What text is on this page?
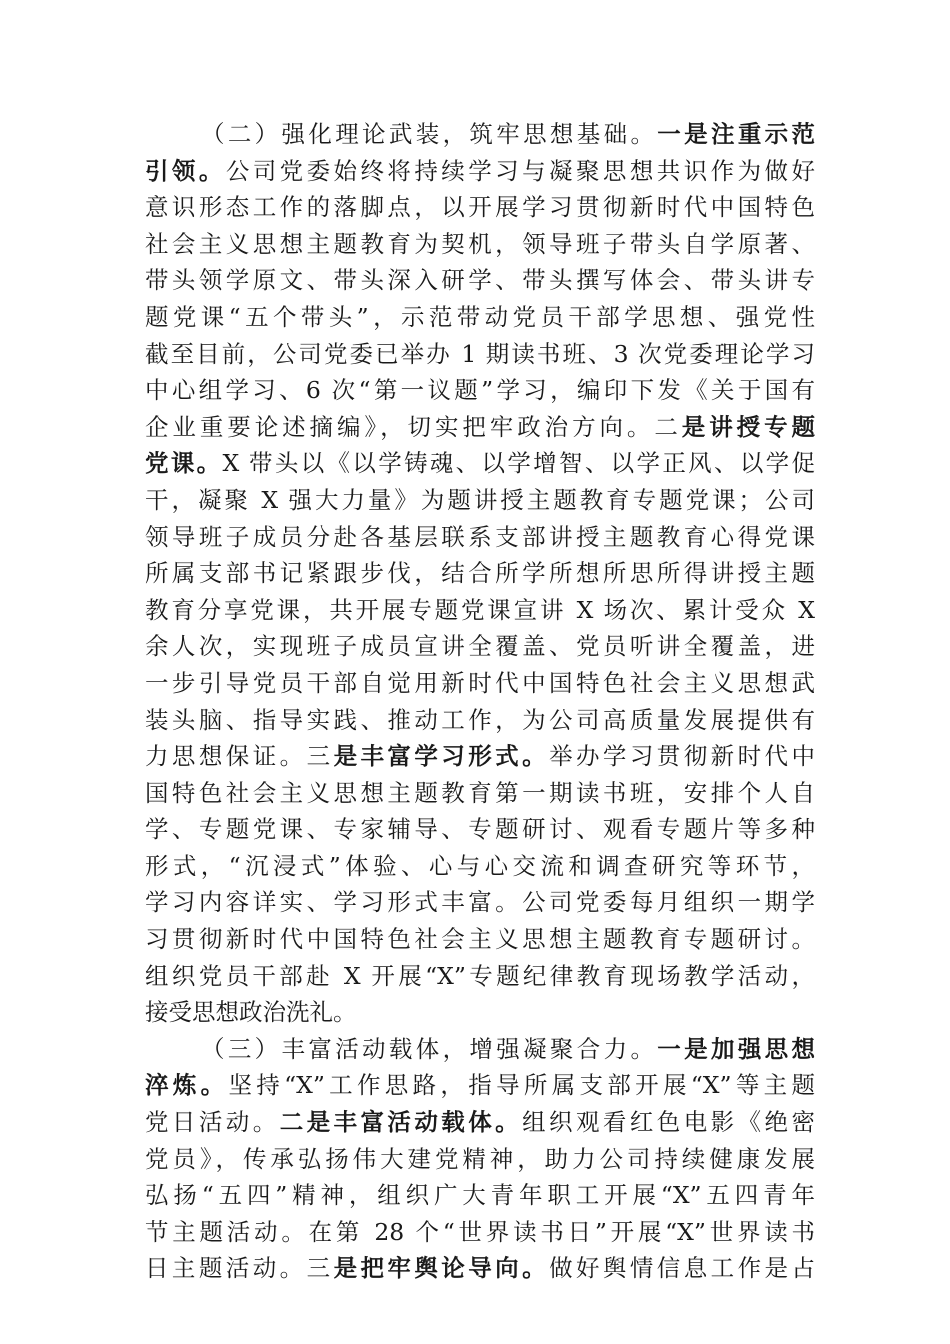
（二）强化理论武装，筑牢思想基础。一是注重示范
引领。公司党委始终将持续学习与凝聚思想共识作为做好
意识形态工作的落脚点，以开展学习贯彻新时代中国特色
社会主义思想主题教育为契机，领导班子带头自学原著、
带头领学原文、带头深入研学、带头撰写体会、带头讲专
题党课“五个带头”，示范带动党员干部学思想、强党性
截至目前，公司党委已举办 1 期读书班、3 次党委理论学习
中心组学习、6 次“第一议题”学习，编印下发《关于国有
企业重要论述摘编》，切实把牢政治方向。二是讲授专题
党课。X 带头以《以学铸魂、以学增智、以学正风、以学促
干，凝聚 X 强大力量》为题讲授主题教育专题党课；公司
领导班子成员分赴各基层联系支部讲授主题教育心得党课
所属支部书记紧跟步伐，结合所学所想所思所得讲授主题
教育分享党课，共开展专题党课宣讲 X 场次、累计受众 X
余人次，实现班子成员宣讲全覆盖、党员听讲全覆盖，进
一步引导党员干部自觉用新时代中国特色社会主义思想武
装头脑、指导实践、推动工作，为公司高质量发展提供有
力思想保证。三是丰富学习形式。举办学习贯彻新时代中
国特色社会主义思想主题教育第一期读书班，安排个人自
学、专题党课、专家辅导、专题研讨、观看专题片等多种
形式，“沉浸式”体验、心与心交流和调查研究等环节，
学习内容详实、学习形式丰富。公司党委每月组织一期学
习贯彻新时代中国特色社会主义思想主题教育专题研讨。
组织党员干部赴 X 开展“X”专题纪律教育现场教学活动，
接受思想政治洗礼。
（三）丰富活动载体，增强凝聚合力。一是加强思想
淬炼。坚持“X”工作思路，指导所属支部开展“X”等主题
党日活动。二是丰富活动载体。组织观看红色电影《绝密
党员》，传承弘扬伟大建党精神，助力公司持续健康发展
弘扬“五四”精神，组织广大青年职工开展“X”五四青年
节主题活动。在第 28 个“世界读书日”开展“X”世界读书
日主题活动。三是把牢舆论导向。做好舆情信息工作是占
